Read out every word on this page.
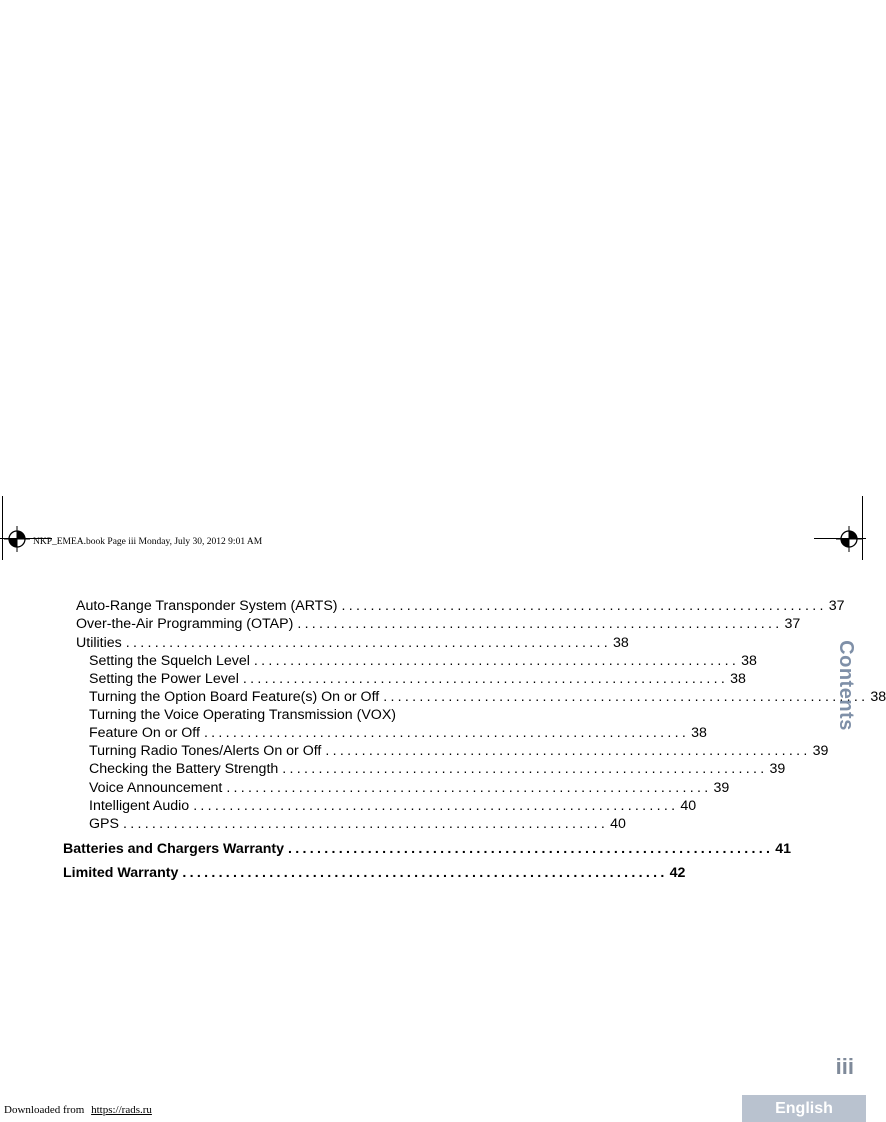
NKP_EMEA.book Page iii Monday, July 30, 2012 9:01 AM
Auto-Range Transponder System (ARTS) ................................................................... 37
Over-the-Air Programming (OTAP) ................................................................... 37
Utilities ................................................................... 38
Setting the Squelch Level ................................................................... 38
Setting the Power Level ................................................................... 38
Turning the Option Board Feature(s) On or Off ................................................................... 38
Turning the Voice Operating Transmission (VOX)
Feature On or Off ................................................................... 38
Turning Radio Tones/Alerts On or Off ................................................................... 39
Checking the Battery Strength ................................................................... 39
Voice Announcement ................................................................... 39
Intelligent Audio ................................................................... 40
GPS ................................................................... 40
Batteries and Chargers Warranty ................................................................... 41
Limited Warranty ................................................................... 42
Contents
iii
English
Downloaded from https://rads.ru
